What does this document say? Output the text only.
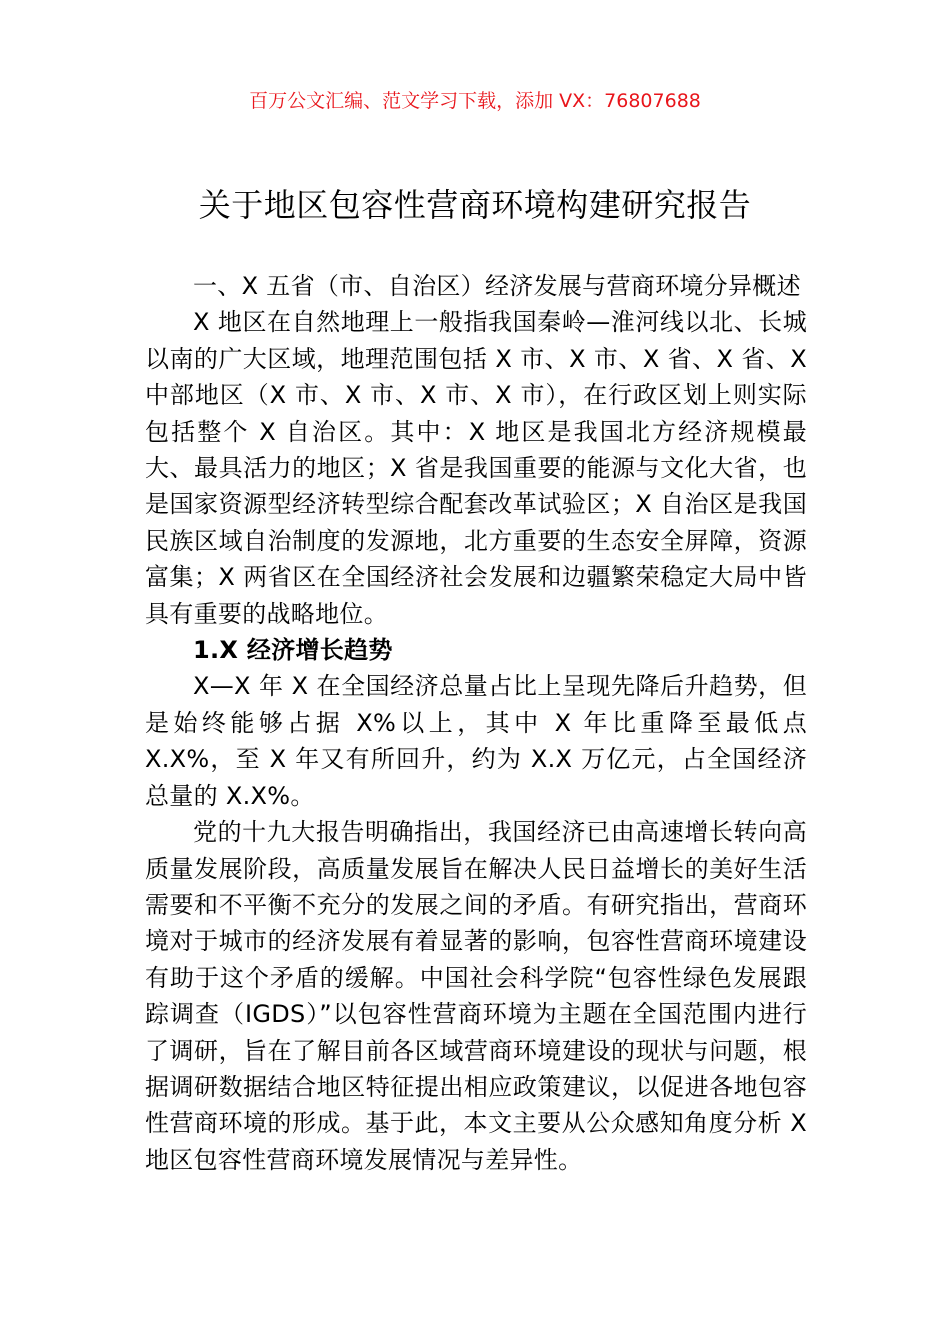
百万公文汇编、范文学习下载，添加 VX：76807688
关于地区包容性营商环境构建研究报告

一、X 五省（市、自治区）经济发展与营商环境分异概述

X 地区在自然地理上一般指我国秦岭—淮河线以北、长城以南的广大区域，地理范围包括 X 市、X 市、X 省、X 省、X 中部地区（X 市、X 市、X 市、X 市），在行政区划上则实际包括整个 X 自治区。其中：X 地区是我国北方经济规模最大、最具活力的地区；X 省是我国重要的能源与文化大省，也是国家资源型经济转型综合配套改革试验区；X 自治区是我国民族区域自治制度的发源地，北方重要的生态安全屏障，资源富集；X 两省区在全国经济社会发展和边疆繁荣稳定大局中皆具有重要的战略地位。

1.X 经济增长趋势

X—X 年 X 在全国经济总量占比上呈现先降后升趋势，但是始终能够占据 X%以上，其中 X 年比重降至最低点 X.X%，至 X 年又有所回升，约为 X.X 万亿元，占全国经济总量的 X.X%。

党的十九大报告明确指出，我国经济已由高速增长转向高质量发展阶段，高质量发展旨在解决人民日益增长的美好生活需要和不平衡不充分的发展之间的矛盾。有研究指出，营商环境对于城市的经济发展有着显著的影响，包容性营商环境建设有助于这个矛盾的缓解。中国社会科学院“包容性绿色发展跟踪调查（IGDS）”以包容性营商环境为主题在全国范围内进行了调研，旨在了解目前各区域营商环境建设的现状与问题，根据调研数据结合地区特征提出相应政策建议，以促进各地包容性营商环境的形成。基于此，本文主要从公众感知角度分析 X 地区包容性营商环境发展情况与差异性。
